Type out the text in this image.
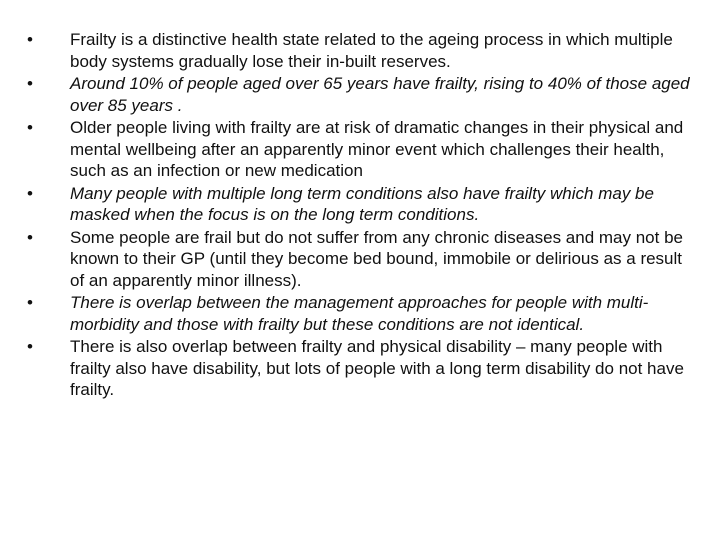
•	Frailty is a distinctive health state related to the ageing process in which multiple body systems gradually lose their in-built reserves.
•	Around 10% of people aged over 65 years have frailty, rising to 40% of those aged over 85 years .
•	Older people living with frailty are at risk of dramatic changes in their physical and mental wellbeing after an apparently minor event which challenges their health, such as an infection or new medication
•	Many people with multiple long term conditions also have frailty which may be masked when the focus is on the long term conditions.
•	Some people are frail but do not suffer from any chronic diseases and may not be known to their GP (until they become bed bound, immobile or delirious as a result of an apparently minor illness).
•	There is overlap between the management approaches for people with multi-morbidity and those with frailty but these conditions are not identical.
•	There is also overlap between frailty and physical disability – many people with frailty also have disability, but lots of people with a long term disability do not have frailty.
